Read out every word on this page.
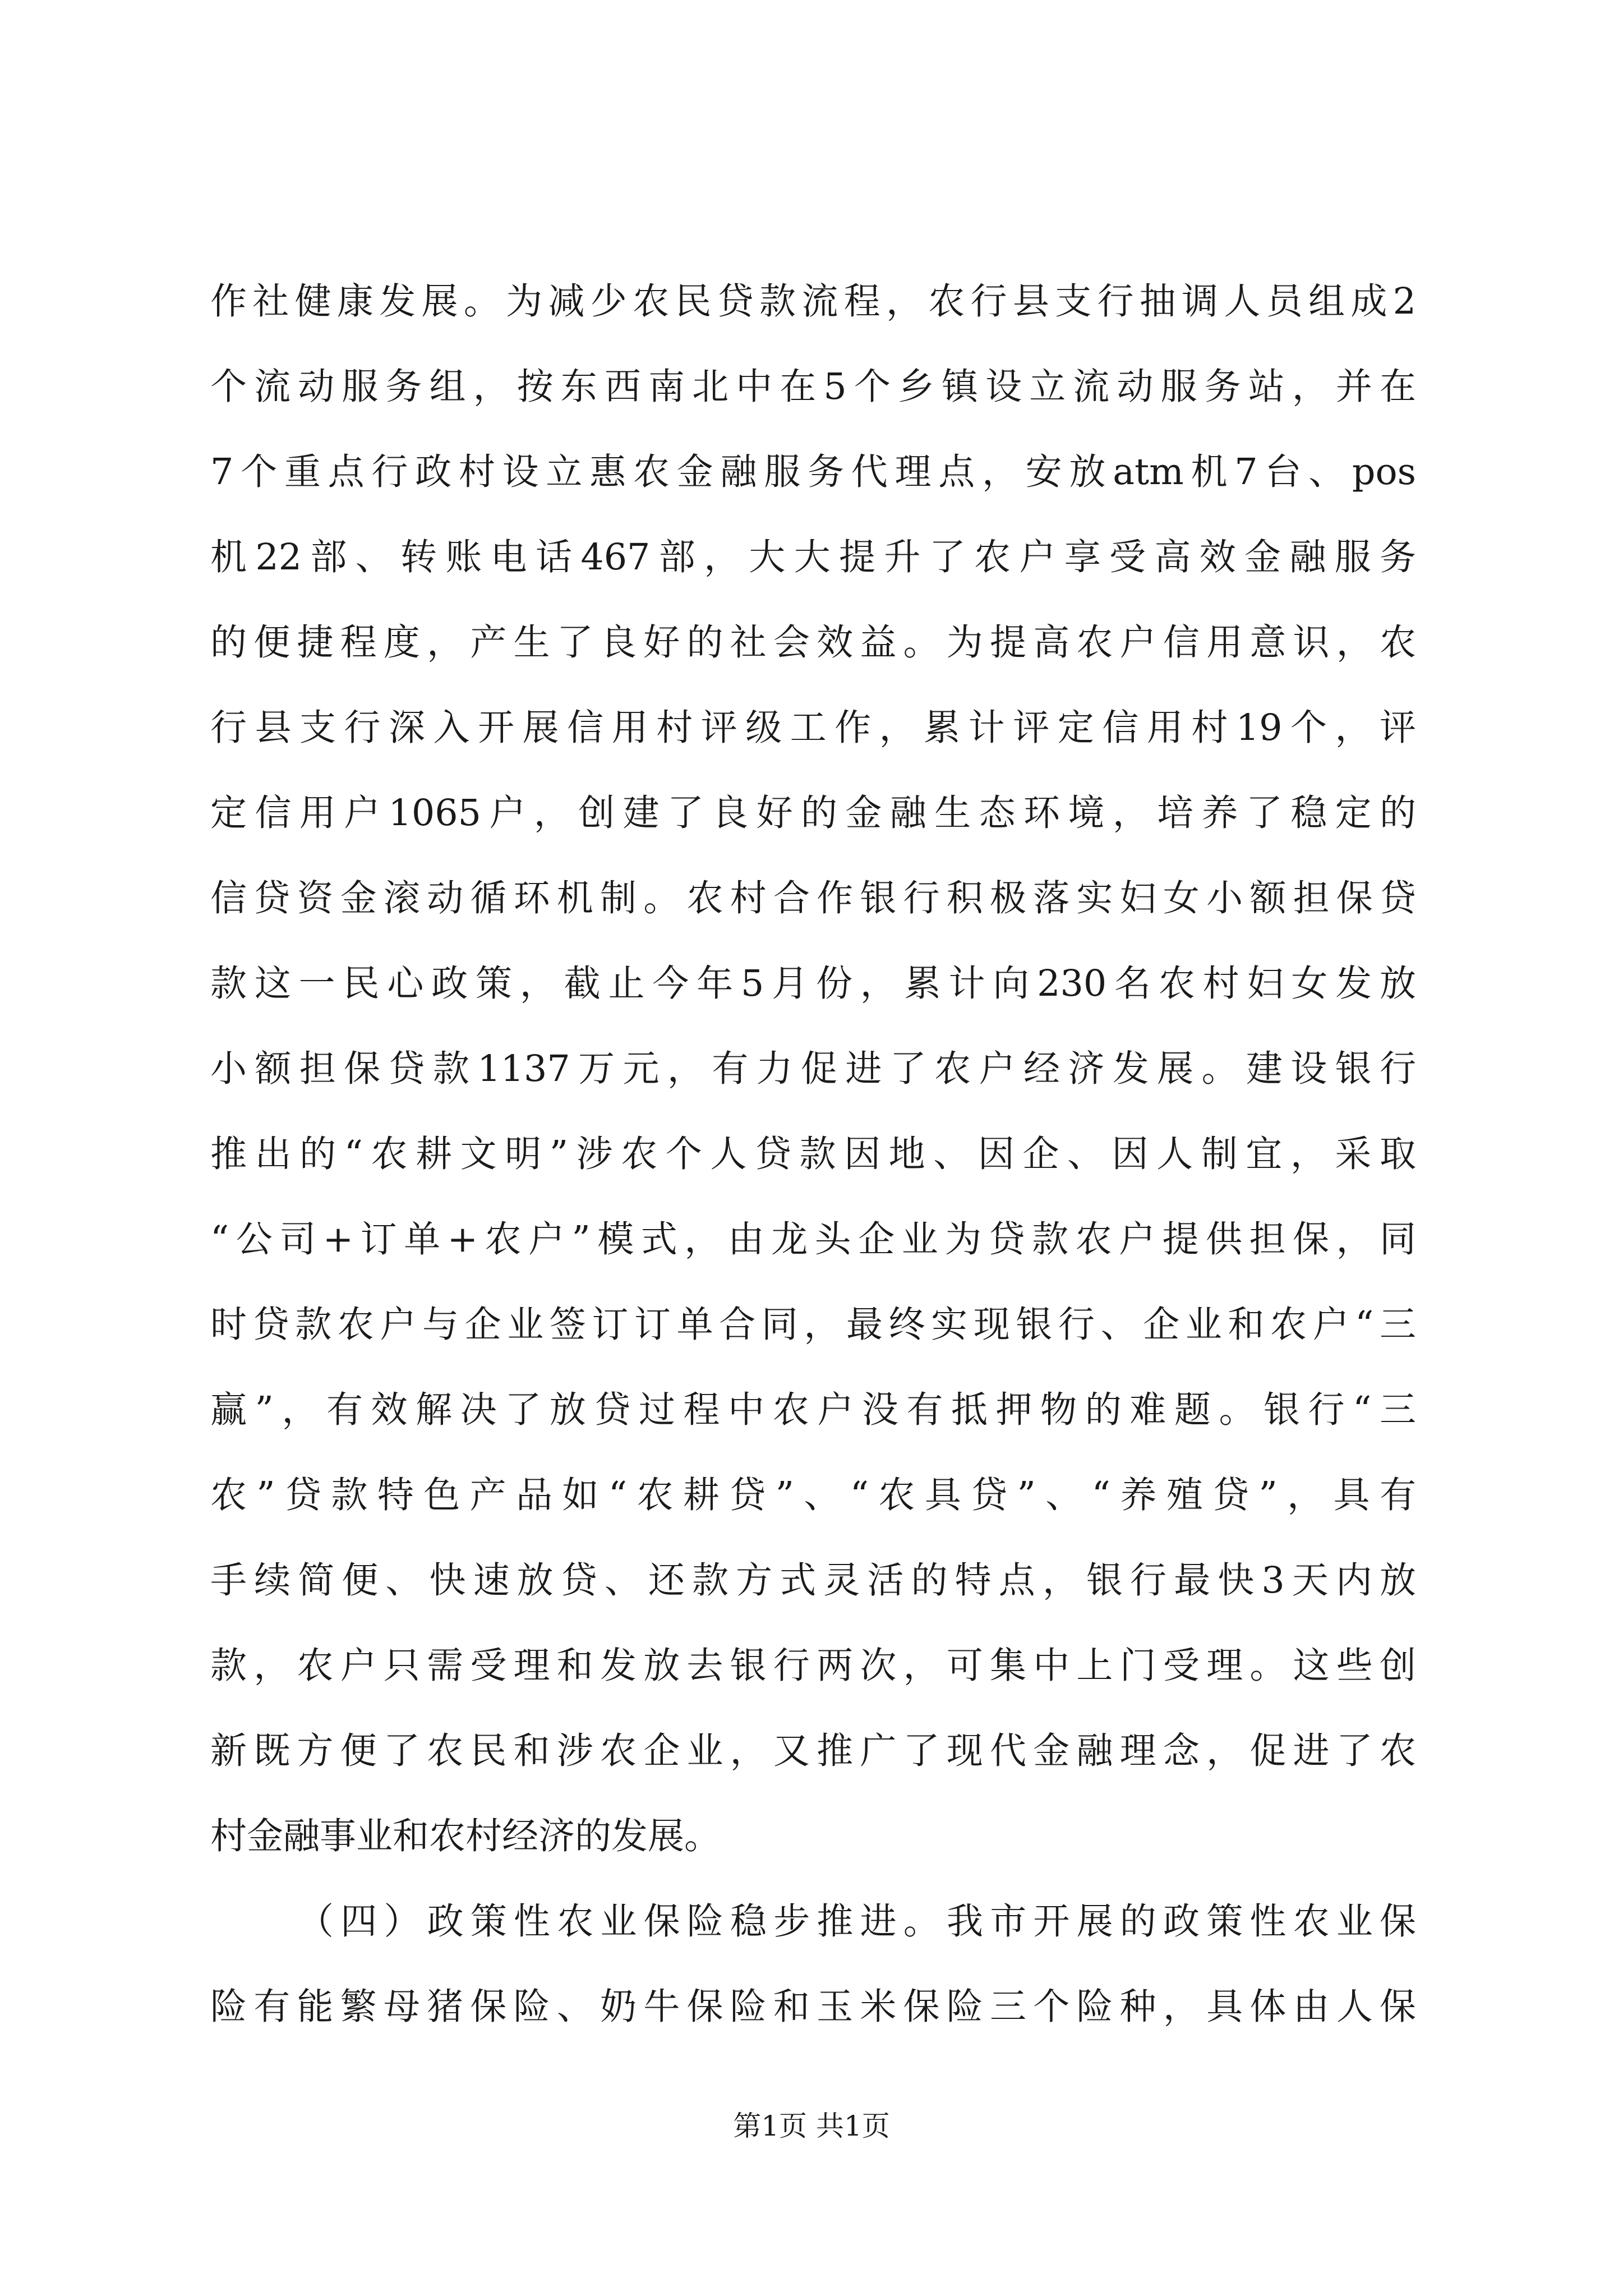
作社健康发展。为减少农民贷款流程，农行县支行抽调人员组成2
个流动服务组，按东西南北中在5个乡镇设立流动服务站，并在
7个重点行政村设立惠农金融服务代理点，安放atm机7台、pos
机22部、转账电话467部，大大提升了农户享受高效金融服务
的便捷程度，产生了良好的社会效益。为提高农户信用意识，农
行县支行深入开展信用村评级工作，累计评定信用村19个，评
定信用户1065户，创建了良好的金融生态环境，培养了稳定的
信贷资金滚动循环机制。农村合作银行积极落实妇女小额担保贷
款这一民心政策，截止今年5月份，累计向230名农村妇女发放
小额担保贷款1137万元，有力促进了农户经济发展。建设银行
推出的“农耕文明”涉农个人贷款因地、因企、因人制宜，采取
“公司+订单+农户”模式，由龙头企业为贷款农户提供担保，同
时贷款农户与企业签订订单合同，最终实现银行、企业和农户“三
赢”，有效解决了放贷过程中农户没有抵押物的难题。银行“三
农”贷款特色产品如“农耕贷”、“农具贷”、“养殖贷”，具有
手续简便、快速放贷、还款方式灵活的特点，银行最快3天内放
款，农户只需受理和发放去银行两次，可集中上门受理。这些创
新既方便了农民和涉农企业，又推广了现代金融理念，促进了农
村金融事业和农村经济的发展。
（四）政策性农业保险稳步推进。我市开展的政策性农业保
险有能繁母猪保险、奶牛保险和玉米保险三个险种，具体由人保
第1页 共1页
